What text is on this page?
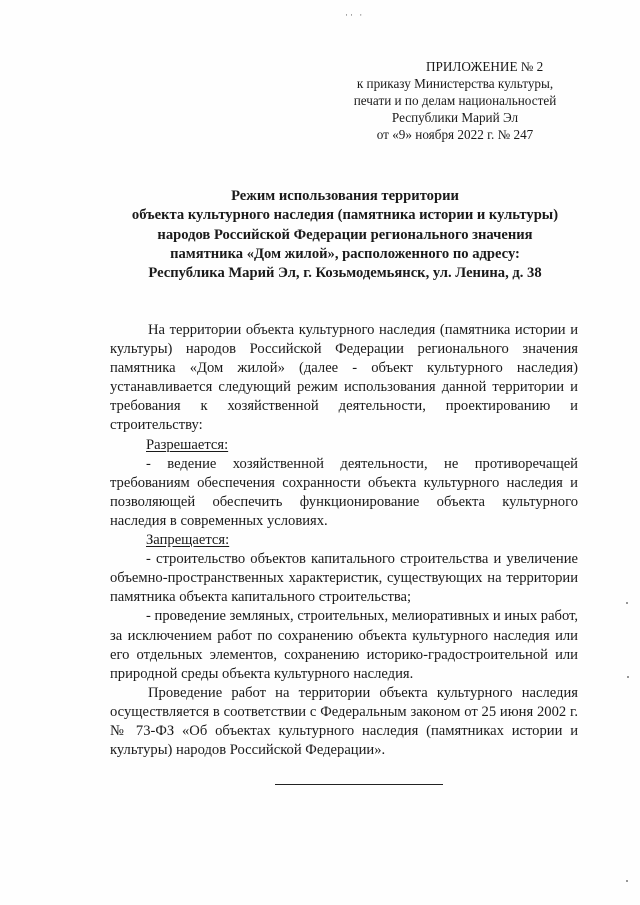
·· ·
ПРИЛОЖЕНИЕ № 2
к приказу Министерства культуры,
печати и по делам национальностей
Республики Марий Эл
от «9» ноября 2022 г. № 247
Режим использования территории
объекта культурного наследия (памятника истории и культуры)
народов Российской Федерации регионального значения
памятника «Дом жилой», расположенного по адресу:
Республика Марий Эл, г. Козьмодемьянск, ул. Ленина, д. 38

На территории объекта культурного наследия (памятника истории и культуры) народов Российской Федерации регионального значения памятника «Дом жилой» (далее - объект культурного наследия) устанавливается следующий режим использования данной территории и требования к хозяйственной деятельности, проектированию и строительству:

Разрешается:

- ведение хозяйственной деятельности, не противоречащей требованиям обеспечения сохранности объекта культурного наследия и позволяющей обеспечить функционирование объекта культурного наследия в современных условиях.

Запрещается:

- строительство объектов капитального строительства и увеличение объемно-пространственных характеристик, существующих на территории памятника объекта капитального строительства;

- проведение земляных, строительных, мелиоративных и иных работ, за исключением работ по сохранению объекта культурного наследия или его отдельных элементов, сохранению историко-градостроительной или природной среды объекта культурного наследия.

Проведение работ на территории объекта культурного наследия осуществляется в соответствии с Федеральным законом от 25 июня 2002 г. № 73-ФЗ «Об объектах культурного наследия (памятниках истории и культуры) народов Российской Федерации».
